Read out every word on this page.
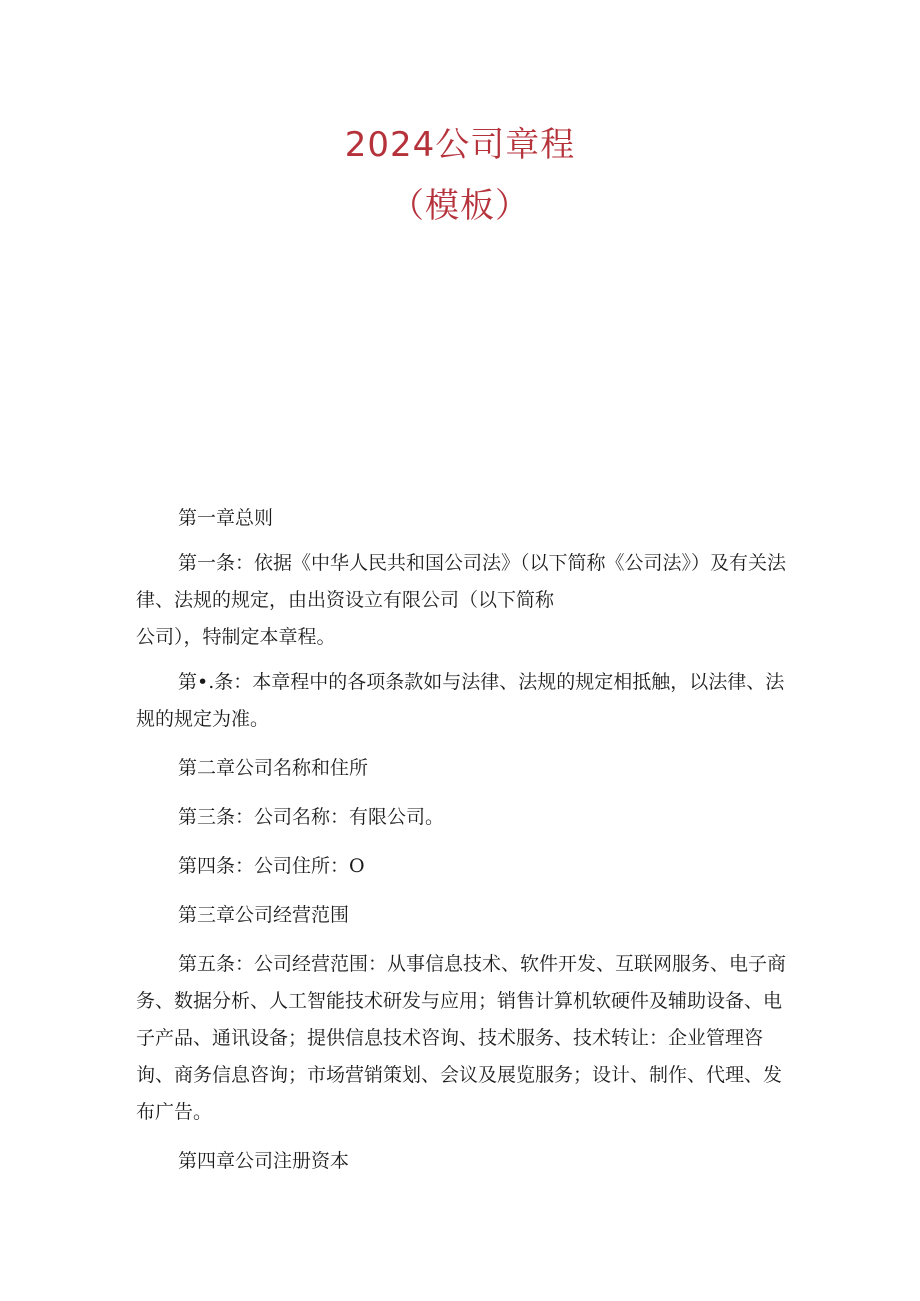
2024公司章程
（模板）

第一章总则

第一条：依据《中华人民共和国公司法》（以下简称《公司法》）及有关法律、法规的规定，由出资设立有限公司（以下简称
公司），特制定本章程。

第•.条：本章程中的各项条款如与法律、法规的规定相抵触，以法律、法规的规定为准。

第二章公司名称和住所

第三条：公司名称：有限公司。

第四条：公司住所：O

第三章公司经营范围

第五条：公司经营范围：从事信息技术、软件开发、互联网服务、电子商务、数据分析、人工智能技术研发与应用；销售计算机软硬件及辅助设备、电子产品、通讯设备；提供信息技术咨询、技术服务、技术转让：企业管理咨询、商务信息咨询；市场营销策划、会议及展览服务；设计、制作、代理、发布广告。

第四章公司注册资本
